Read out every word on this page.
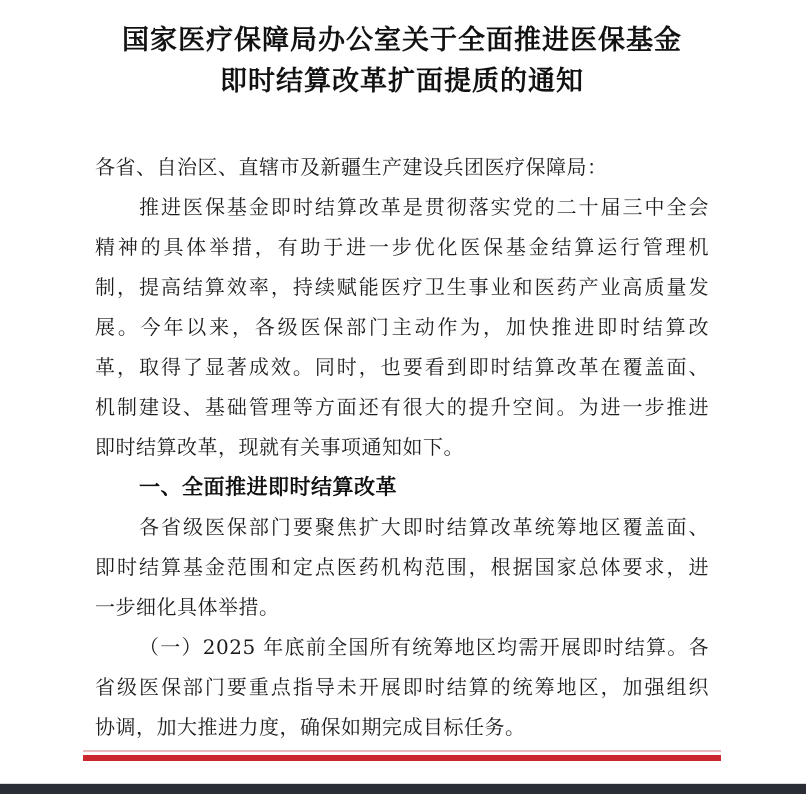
国家医疗保障局办公室关于全面推进医保基金
即时结算改革扩面提质的通知
各省、自治区、直辖市及新疆生产建设兵团医疗保障局：
推进医保基金即时结算改革是贯彻落实党的二十届三中全会
精神的具体举措，有助于进一步优化医保基金结算运行管理机
制，提高结算效率，持续赋能医疗卫生事业和医药产业高质量发
展。今年以来，各级医保部门主动作为，加快推进即时结算改
革，取得了显著成效。同时，也要看到即时结算改革在覆盖面、
机制建设、基础管理等方面还有很大的提升空间。为进一步推进
即时结算改革，现就有关事项通知如下。
一、全面推进即时结算改革
各省级医保部门要聚焦扩大即时结算改革统筹地区覆盖面、
即时结算基金范围和定点医药机构范围，根据国家总体要求，进
一步细化具体举措。
（一）2025 年底前全国所有统筹地区均需开展即时结算。各
省级医保部门要重点指导未开展即时结算的统筹地区，加强组织
协调，加大推进力度，确保如期完成目标任务。
